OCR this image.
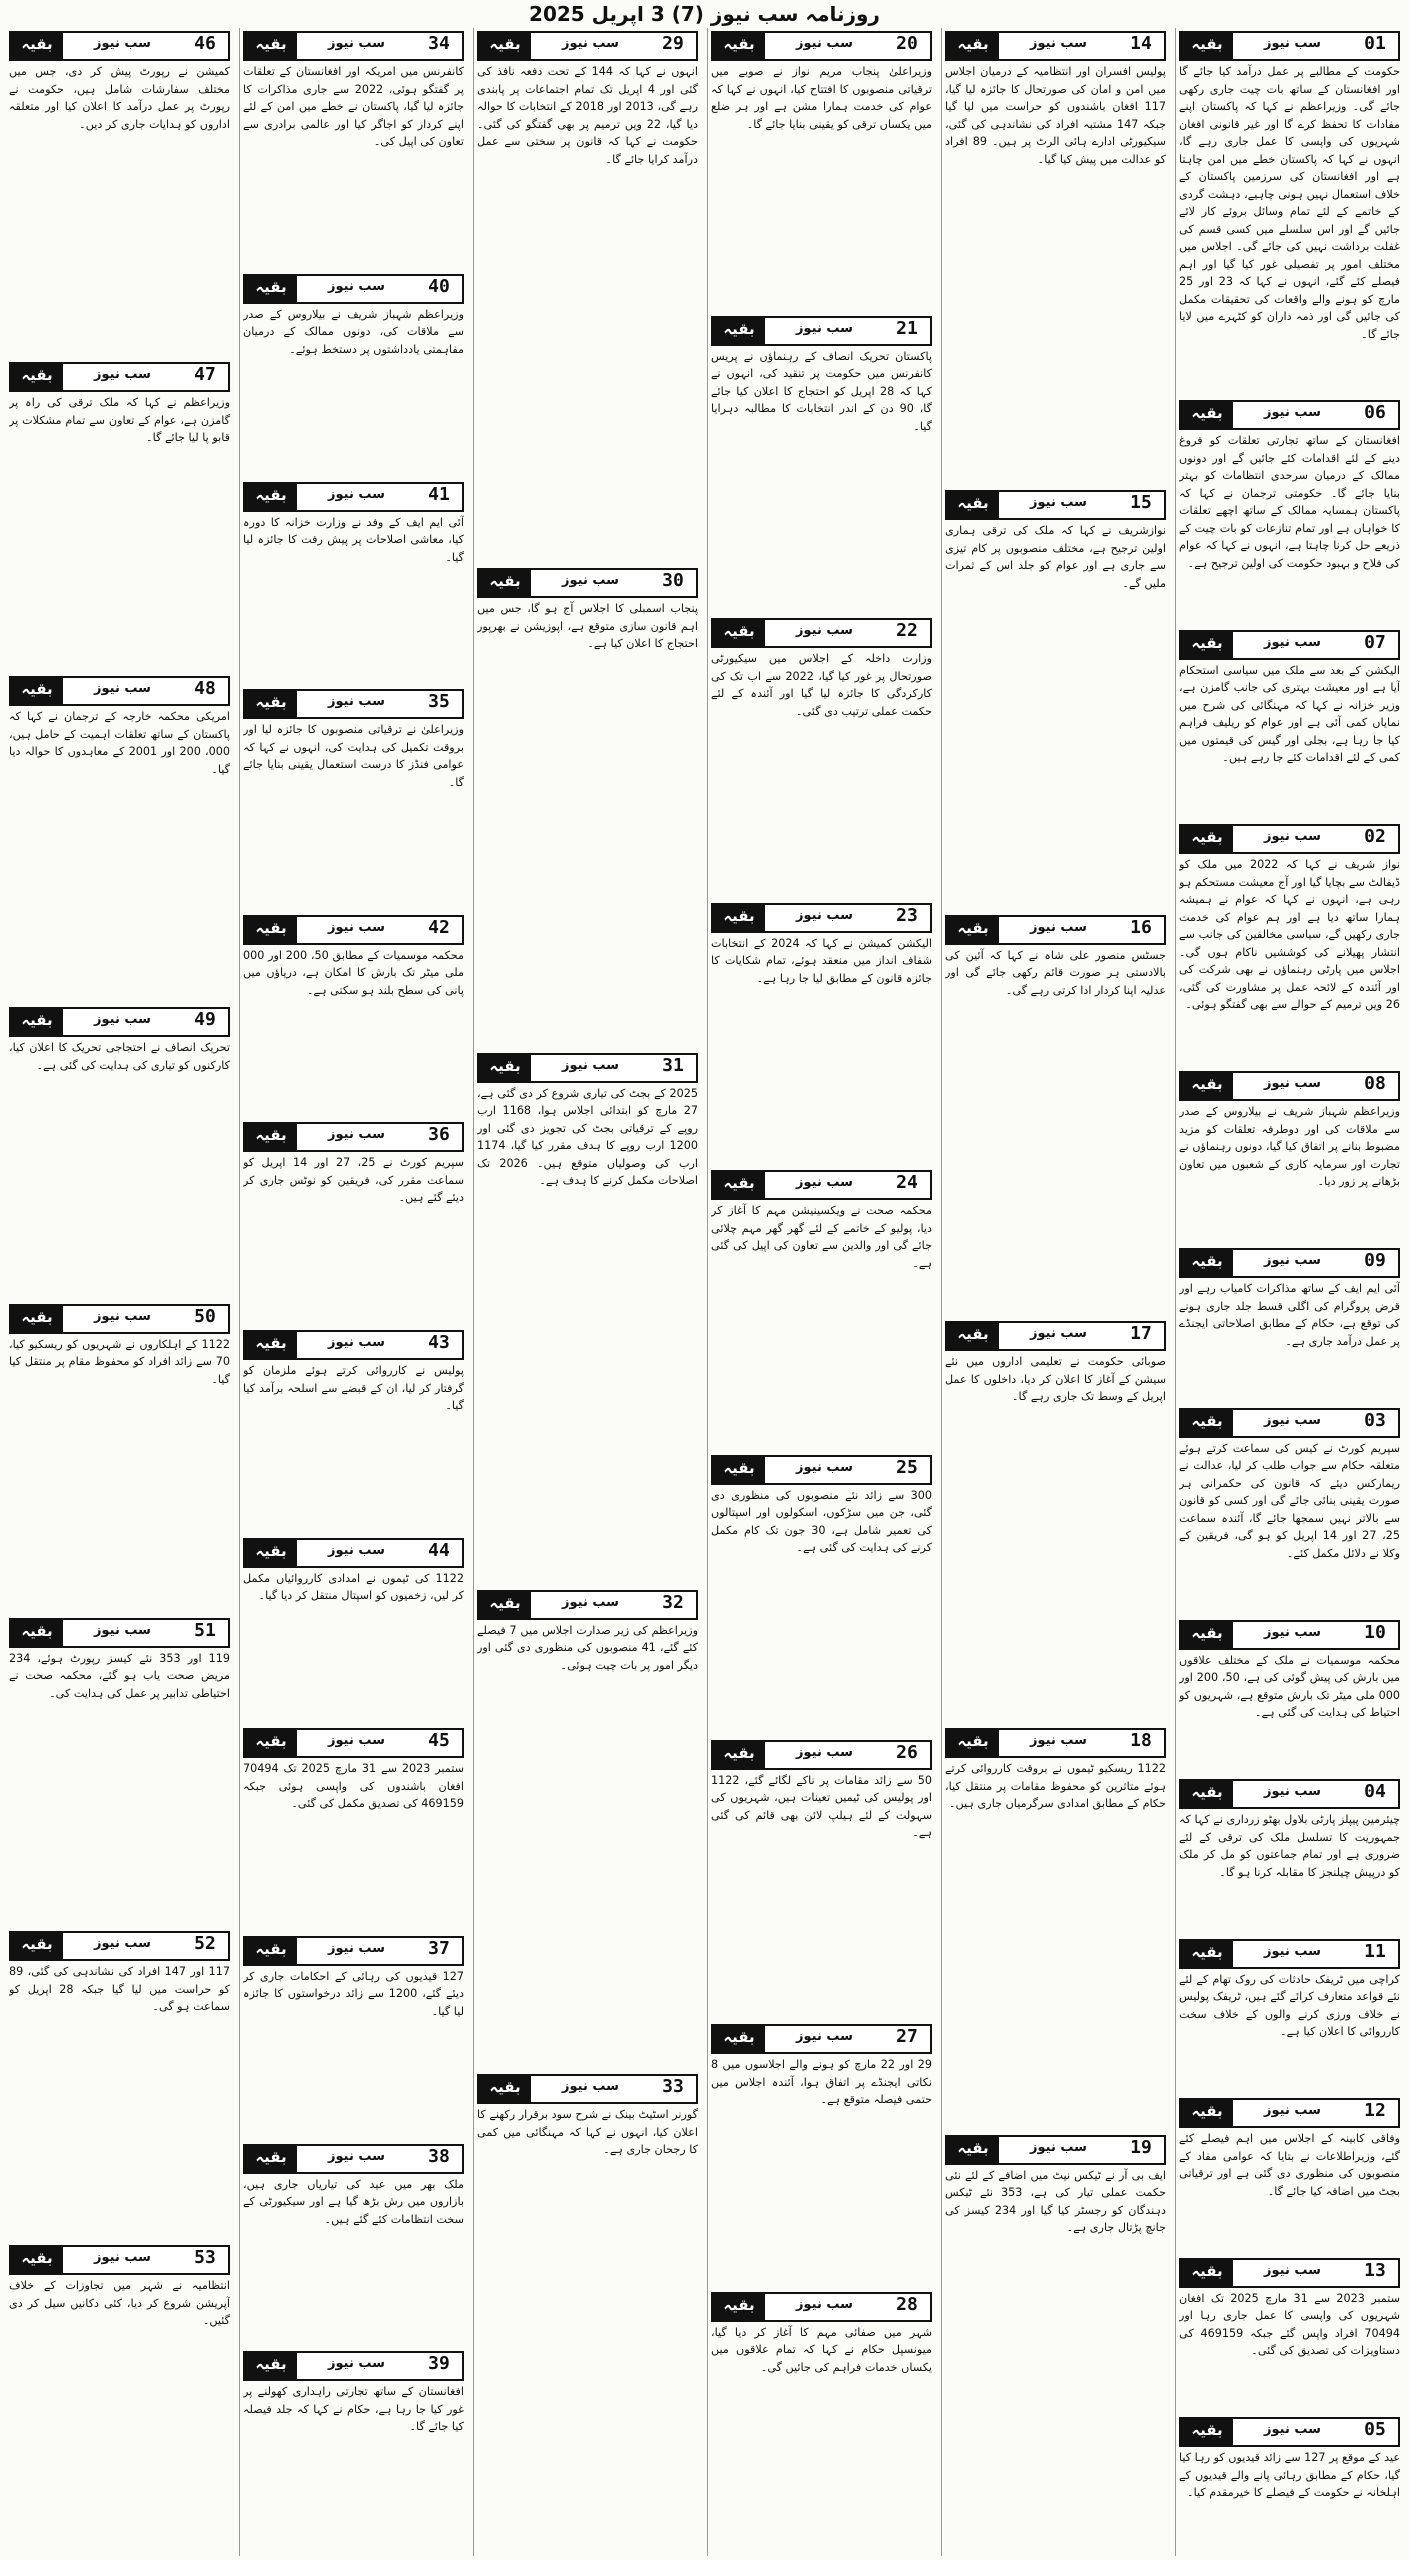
روزنامہ سب نیوز (7) 3 اپریل 2025
01
سب نیوز
بقیہ
حکومت کے مطالبے پر عمل درآمد کیا جائے گا اور افغانستان کے ساتھ بات چیت جاری رکھی جائے گی۔ وزیراعظم نے کہا کہ پاکستان اپنے مفادات کا تحفظ کرے گا اور غیر قانونی افغان شہریوں کی واپسی کا عمل جاری رہے گا، انہوں نے کہا کہ پاکستان خطے میں امن چاہتا ہے اور افغانستان کی سرزمین پاکستان کے خلاف استعمال نہیں ہونی چاہیے، دہشت گردی کے خاتمے کے لئے تمام وسائل بروئے کار لائے جائیں گے اور اس سلسلے میں کسی قسم کی غفلت برداشت نہیں کی جائے گی۔ اجلاس میں مختلف امور پر تفصیلی غور کیا گیا اور اہم فیصلے کئے گئے، انہوں نے کہا کہ 23 اور 25 مارچ کو ہونے والے واقعات کی تحقیقات مکمل کی جائیں گی اور ذمہ داران کو کٹہرے میں لایا جائے گا۔
06
سب نیوز
بقیہ
افغانستان کے ساتھ تجارتی تعلقات کو فروغ دینے کے لئے اقدامات کئے جائیں گے اور دونوں ممالک کے درمیان سرحدی انتظامات کو بہتر بنایا جائے گا۔ حکومتی ترجمان نے کہا کہ پاکستان ہمسایہ ممالک کے ساتھ اچھے تعلقات کا خواہاں ہے اور تمام تنازعات کو بات چیت کے ذریعے حل کرنا چاہتا ہے، انہوں نے کہا کہ عوام کی فلاح و بہبود حکومت کی اولین ترجیح ہے۔
07
سب نیوز
بقیہ
الیکشن کے بعد سے ملک میں سیاسی استحکام آیا ہے اور معیشت بہتری کی جانب گامزن ہے، وزیر خزانہ نے کہا کہ مہنگائی کی شرح میں نمایاں کمی آئی ہے اور عوام کو ریلیف فراہم کیا جا رہا ہے، بجلی اور گیس کی قیمتوں میں کمی کے لئے اقدامات کئے جا رہے ہیں۔
02
سب نیوز
بقیہ
نواز شریف نے کہا کہ 2022 میں ملک کو ڈیفالٹ سے بچایا گیا اور آج معیشت مستحکم ہو رہی ہے، انہوں نے کہا کہ عوام نے ہمیشہ ہمارا ساتھ دیا ہے اور ہم عوام کی خدمت جاری رکھیں گے، سیاسی مخالفین کی جانب سے انتشار پھیلانے کی کوششیں ناکام ہوں گی۔ اجلاس میں پارٹی رہنماؤں نے بھی شرکت کی اور آئندہ کے لائحہ عمل پر مشاورت کی گئی، 26 ویں ترمیم کے حوالے سے بھی گفتگو ہوئی۔
08
سب نیوز
بقیہ
وزیراعظم شہباز شریف نے بیلاروس کے صدر سے ملاقات کی اور دوطرفہ تعلقات کو مزید مضبوط بنانے پر اتفاق کیا گیا، دونوں رہنماؤں نے تجارت اور سرمایہ کاری کے شعبوں میں تعاون بڑھانے پر زور دیا۔
09
سب نیوز
بقیہ
آئی ایم ایف کے ساتھ مذاکرات کامیاب رہے اور قرض پروگرام کی اگلی قسط جلد جاری ہونے کی توقع ہے، حکام کے مطابق اصلاحاتی ایجنڈے پر عمل درآمد جاری ہے۔
03
سب نیوز
بقیہ
سپریم کورٹ نے کیس کی سماعت کرتے ہوئے متعلقہ حکام سے جواب طلب کر لیا، عدالت نے ریمارکس دیئے کہ قانون کی حکمرانی ہر صورت یقینی بنائی جائے گی اور کسی کو قانون سے بالاتر نہیں سمجھا جائے گا، آئندہ سماعت 25، 27 اور 14 اپریل کو ہو گی، فریقین کے وکلا نے دلائل مکمل کئے۔
10
سب نیوز
بقیہ
محکمہ موسمیات نے ملک کے مختلف علاقوں میں بارش کی پیش گوئی کی ہے، 50، 200 اور 000 ملی میٹر تک بارش متوقع ہے، شہریوں کو احتیاط کی ہدایت کی گئی ہے۔
04
سب نیوز
بقیہ
چیئرمین پیپلز پارٹی بلاول بھٹو زرداری نے کہا کہ جمہوریت کا تسلسل ملک کی ترقی کے لئے ضروری ہے اور تمام جماعتوں کو مل کر ملک کو درپیش چیلنجز کا مقابلہ کرنا ہو گا۔
11
سب نیوز
بقیہ
کراچی میں ٹریفک حادثات کی روک تھام کے لئے نئے قواعد متعارف کرائے گئے ہیں، ٹریفک پولیس نے خلاف ورزی کرنے والوں کے خلاف سخت کارروائی کا اعلان کیا ہے۔
12
سب نیوز
بقیہ
وفاقی کابینہ کے اجلاس میں اہم فیصلے کئے گئے، وزیراطلاعات نے بتایا کہ عوامی مفاد کے منصوبوں کی منظوری دی گئی ہے اور ترقیاتی بجٹ میں اضافہ کیا جائے گا۔
13
سب نیوز
بقیہ
ستمبر 2023 سے 31 مارچ 2025 تک افغان شہریوں کی واپسی کا عمل جاری رہا اور 70494 افراد واپس گئے جبکہ 469159 کی دستاویزات کی تصدیق کی گئی۔
05
سب نیوز
بقیہ
عید کے موقع پر 127 سے زائد قیدیوں کو رہا کیا گیا، حکام کے مطابق رہائی پانے والے قیدیوں کے اہلخانہ نے حکومت کے فیصلے کا خیرمقدم کیا۔
14
سب نیوز
بقیہ
پولیس افسران اور انتظامیہ کے درمیان اجلاس میں امن و امان کی صورتحال کا جائزہ لیا گیا، 117 افغان باشندوں کو حراست میں لیا گیا جبکہ 147 مشتبہ افراد کی نشاندہی کی گئی، سیکیورٹی ادارے ہائی الرٹ پر ہیں۔ 89 افراد کو عدالت میں پیش کیا گیا۔
15
سب نیوز
بقیہ
نوازشریف نے کہا کہ ملک کی ترقی ہماری اولین ترجیح ہے، مختلف منصوبوں پر کام تیزی سے جاری ہے اور عوام کو جلد اس کے ثمرات ملیں گے۔
16
سب نیوز
بقیہ
جسٹس منصور علی شاہ نے کہا کہ آئین کی بالادستی ہر صورت قائم رکھی جائے گی اور عدلیہ اپنا کردار ادا کرتی رہے گی۔
17
سب نیوز
بقیہ
صوبائی حکومت نے تعلیمی اداروں میں نئے سیشن کے آغاز کا اعلان کر دیا، داخلوں کا عمل اپریل کے وسط تک جاری رہے گا۔
18
سب نیوز
بقیہ
1122 ریسکیو ٹیموں نے بروقت کارروائی کرتے ہوئے متاثرین کو محفوظ مقامات پر منتقل کیا، حکام کے مطابق امدادی سرگرمیاں جاری ہیں۔
19
سب نیوز
بقیہ
ایف بی آر نے ٹیکس نیٹ میں اضافے کے لئے نئی حکمت عملی تیار کی ہے، 353 نئے ٹیکس دہندگان کو رجسٹر کیا گیا اور 234 کیسز کی جانچ پڑتال جاری ہے۔
20
سب نیوز
بقیہ
وزیراعلیٰ پنجاب مریم نواز نے صوبے میں ترقیاتی منصوبوں کا افتتاح کیا، انہوں نے کہا کہ عوام کی خدمت ہمارا مشن ہے اور ہر ضلع میں یکساں ترقی کو یقینی بنایا جائے گا۔
21
سب نیوز
بقیہ
پاکستان تحریک انصاف کے رہنماؤں نے پریس کانفرنس میں حکومت پر تنقید کی، انہوں نے کہا کہ 28 اپریل کو احتجاج کا اعلان کیا جائے گا، 90 دن کے اندر انتخابات کا مطالبہ دہرایا گیا۔
22
سب نیوز
بقیہ
وزارت داخلہ کے اجلاس میں سیکیورٹی صورتحال پر غور کیا گیا، 2022 سے اب تک کی کارکردگی کا جائزہ لیا گیا اور آئندہ کے لئے حکمت عملی ترتیب دی گئی۔
23
سب نیوز
بقیہ
الیکشن کمیشن نے کہا کہ 2024 کے انتخابات شفاف انداز میں منعقد ہوئے، تمام شکایات کا جائزہ قانون کے مطابق لیا جا رہا ہے۔
24
سب نیوز
بقیہ
محکمہ صحت نے ویکسینیشن مہم کا آغاز کر دیا، پولیو کے خاتمے کے لئے گھر گھر مہم چلائی جائے گی اور والدین سے تعاون کی اپیل کی گئی ہے۔
25
سب نیوز
بقیہ
300 سے زائد نئے منصوبوں کی منظوری دی گئی، جن میں سڑکوں، اسکولوں اور اسپتالوں کی تعمیر شامل ہے، 30 جون تک کام مکمل کرنے کی ہدایت کی گئی ہے۔
26
سب نیوز
بقیہ
50 سے زائد مقامات پر ناکے لگائے گئے، 1122 اور پولیس کی ٹیمیں تعینات ہیں، شہریوں کی سہولت کے لئے ہیلپ لائن بھی قائم کی گئی ہے۔
27
سب نیوز
بقیہ
29 اور 22 مارچ کو ہونے والے اجلاسوں میں 8 نکاتی ایجنڈے پر اتفاق ہوا، آئندہ اجلاس میں حتمی فیصلہ متوقع ہے۔
28
سب نیوز
بقیہ
شہر میں صفائی مہم کا آغاز کر دیا گیا، میونسپل حکام نے کہا کہ تمام علاقوں میں یکساں خدمات فراہم کی جائیں گی۔
29
سب نیوز
بقیہ
انہوں نے کہا کہ 144 کے تحت دفعہ نافذ کی گئی اور 4 اپریل تک تمام اجتماعات پر پابندی رہے گی، 2013 اور 2018 کے انتخابات کا حوالہ دیا گیا، 22 ویں ترمیم پر بھی گفتگو کی گئی۔ حکومت نے کہا کہ قانون پر سختی سے عمل درآمد کرایا جائے گا۔
30
سب نیوز
بقیہ
پنجاب اسمبلی کا اجلاس آج ہو گا، جس میں اہم قانون سازی متوقع ہے، اپوزیشن نے بھرپور احتجاج کا اعلان کیا ہے۔
31
سب نیوز
بقیہ
2025 کے بجٹ کی تیاری شروع کر دی گئی ہے، 27 مارچ کو ابتدائی اجلاس ہوا، 1168 ارب روپے کے ترقیاتی بجٹ کی تجویز دی گئی اور 1200 ارب روپے کا ہدف مقرر کیا گیا، 1174 ارب کی وصولیاں متوقع ہیں۔ 2026 تک اصلاحات مکمل کرنے کا ہدف ہے۔
32
سب نیوز
بقیہ
وزیراعظم کی زیر صدارت اجلاس میں 7 فیصلے کئے گئے، 41 منصوبوں کی منظوری دی گئی اور دیگر امور پر بات چیت ہوئی۔
33
سب نیوز
بقیہ
گورنر اسٹیٹ بینک نے شرح سود برقرار رکھنے کا اعلان کیا، انہوں نے کہا کہ مہنگائی میں کمی کا رجحان جاری ہے۔
34
سب نیوز
بقیہ
کانفرنس میں امریکہ اور افغانستان کے تعلقات پر گفتگو ہوئی، 2022 سے جاری مذاکرات کا جائزہ لیا گیا، پاکستان نے خطے میں امن کے لئے اپنے کردار کو اجاگر کیا اور عالمی برادری سے تعاون کی اپیل کی۔
40
سب نیوز
بقیہ
وزیراعظم شہباز شریف نے بیلاروس کے صدر سے ملاقات کی، دونوں ممالک کے درمیان مفاہمتی یادداشتوں پر دستخط ہوئے۔
41
سب نیوز
بقیہ
آئی ایم ایف کے وفد نے وزارت خزانہ کا دورہ کیا، معاشی اصلاحات پر پیش رفت کا جائزہ لیا گیا۔
35
سب نیوز
بقیہ
وزیراعلیٰ نے ترقیاتی منصوبوں کا جائزہ لیا اور بروقت تکمیل کی ہدایت کی، انہوں نے کہا کہ عوامی فنڈز کا درست استعمال یقینی بنایا جائے گا۔
42
سب نیوز
بقیہ
محکمہ موسمیات کے مطابق 50، 200 اور 000 ملی میٹر تک بارش کا امکان ہے، دریاؤں میں پانی کی سطح بلند ہو سکتی ہے۔
36
سب نیوز
بقیہ
سپریم کورٹ نے 25، 27 اور 14 اپریل کو سماعت مقرر کی، فریقین کو نوٹس جاری کر دیئے گئے ہیں۔
43
سب نیوز
بقیہ
پولیس نے کارروائی کرتے ہوئے ملزمان کو گرفتار کر لیا، ان کے قبضے سے اسلحہ برآمد کیا گیا۔
44
سب نیوز
بقیہ
1122 کی ٹیموں نے امدادی کارروائیاں مکمل کر لیں، زخمیوں کو اسپتال منتقل کر دیا گیا۔
45
سب نیوز
بقیہ
ستمبر 2023 سے 31 مارچ 2025 تک 70494 افغان باشندوں کی واپسی ہوئی جبکہ 469159 کی تصدیق مکمل کی گئی۔
37
سب نیوز
بقیہ
127 قیدیوں کی رہائی کے احکامات جاری کر دیئے گئے، 1200 سے زائد درخواستوں کا جائزہ لیا گیا۔
38
سب نیوز
بقیہ
ملک بھر میں عید کی تیاریاں جاری ہیں، بازاروں میں رش بڑھ گیا ہے اور سیکیورٹی کے سخت انتظامات کئے گئے ہیں۔
39
سب نیوز
بقیہ
افغانستان کے ساتھ تجارتی راہداری کھولنے پر غور کیا جا رہا ہے، حکام نے کہا کہ جلد فیصلہ کیا جائے گا۔
46
سب نیوز
بقیہ
کمیشن نے رپورٹ پیش کر دی، جس میں مختلف سفارشات شامل ہیں، حکومت نے رپورٹ پر عمل درآمد کا اعلان کیا اور متعلقہ اداروں کو ہدایات جاری کر دیں۔
47
سب نیوز
بقیہ
وزیراعظم نے کہا کہ ملک ترقی کی راہ پر گامزن ہے، عوام کے تعاون سے تمام مشکلات پر قابو پا لیا جائے گا۔
48
سب نیوز
بقیہ
امریکی محکمہ خارجہ کے ترجمان نے کہا کہ پاکستان کے ساتھ تعلقات اہمیت کے حامل ہیں، 000، 200 اور 2001 کے معاہدوں کا حوالہ دیا گیا۔
49
سب نیوز
بقیہ
تحریک انصاف نے احتجاجی تحریک کا اعلان کیا، کارکنوں کو تیاری کی ہدایت کی گئی ہے۔
50
سب نیوز
بقیہ
1122 کے اہلکاروں نے شہریوں کو ریسکیو کیا، 70 سے زائد افراد کو محفوظ مقام پر منتقل کیا گیا۔
51
سب نیوز
بقیہ
119 اور 353 نئے کیسز رپورٹ ہوئے، 234 مریض صحت یاب ہو گئے، محکمہ صحت نے احتیاطی تدابیر پر عمل کی ہدایت کی۔
52
سب نیوز
بقیہ
117 اور 147 افراد کی نشاندہی کی گئی، 89 کو حراست میں لیا گیا جبکہ 28 اپریل کو سماعت ہو گی۔
53
سب نیوز
بقیہ
انتظامیہ نے شہر میں تجاوزات کے خلاف آپریشن شروع کر دیا، کئی دکانیں سیل کر دی گئیں۔
